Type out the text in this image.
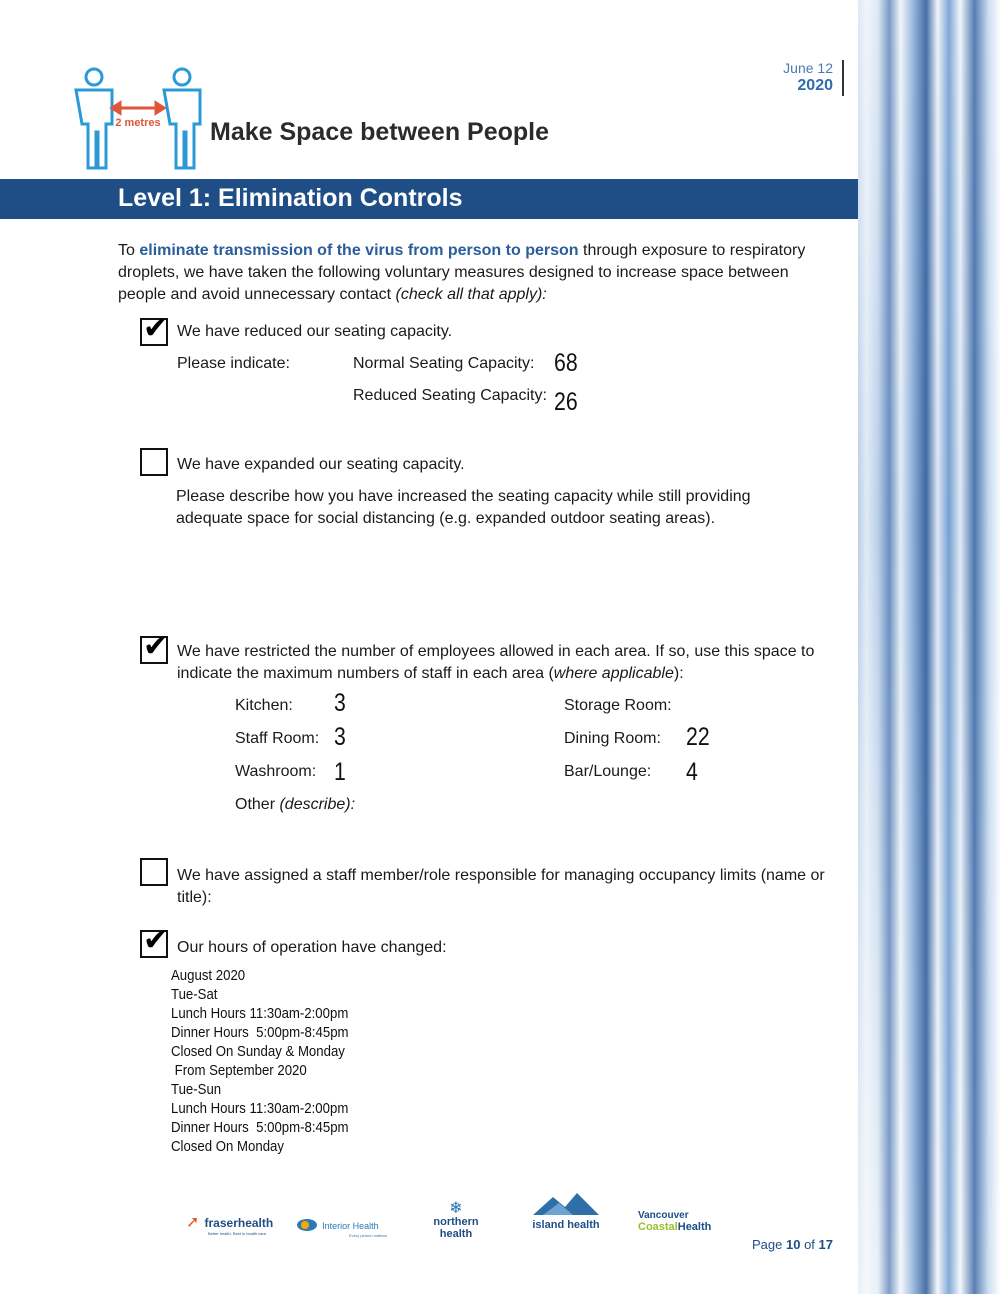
June 12
2020
2 metres Make Space between People
Level 1: Elimination Controls
To eliminate transmission of the virus from person to person through exposure to respiratory droplets, we have taken the following voluntary measures designed to increase space between people and avoid unnecessary contact (check all that apply):
✔ We have reduced our seating capacity.
Please indicate:	Normal Seating Capacity: 68
Reduced Seating Capacity: 26
We have expanded our seating capacity.
Please describe how you have increased the seating capacity while still providing adequate space for social distancing (e.g. expanded outdoor seating areas).
✔ We have restricted the number of employees allowed in each area. If so, use this space to indicate the maximum numbers of staff in each area (where applicable):
Kitchen: 3
Staff Room: 3
Washroom: 1
Other (describe):
Storage Room:
Dining Room: 22
Bar/Lounge: 4
We have assigned a staff member/role responsible for managing occupancy limits (name or title):
✔ Our hours of operation have changed:
August 2020
Tue-Sat
Lunch Hours 11:30am-2:00pm
Dinner Hours  5:00pm-8:45pm
Closed On Sunday & Monday
From September 2020
Tue-Sun
Lunch Hours 11:30am-2:00pm
Dinner Hours  5:00pm-8:45pm
Closed On Monday
➚ fraserhealth
Better health. Best in health care.
Interior Health
Every person matters
❄
northern health
island health
Vancouver
CoastalHealth
Page 10 of 17
